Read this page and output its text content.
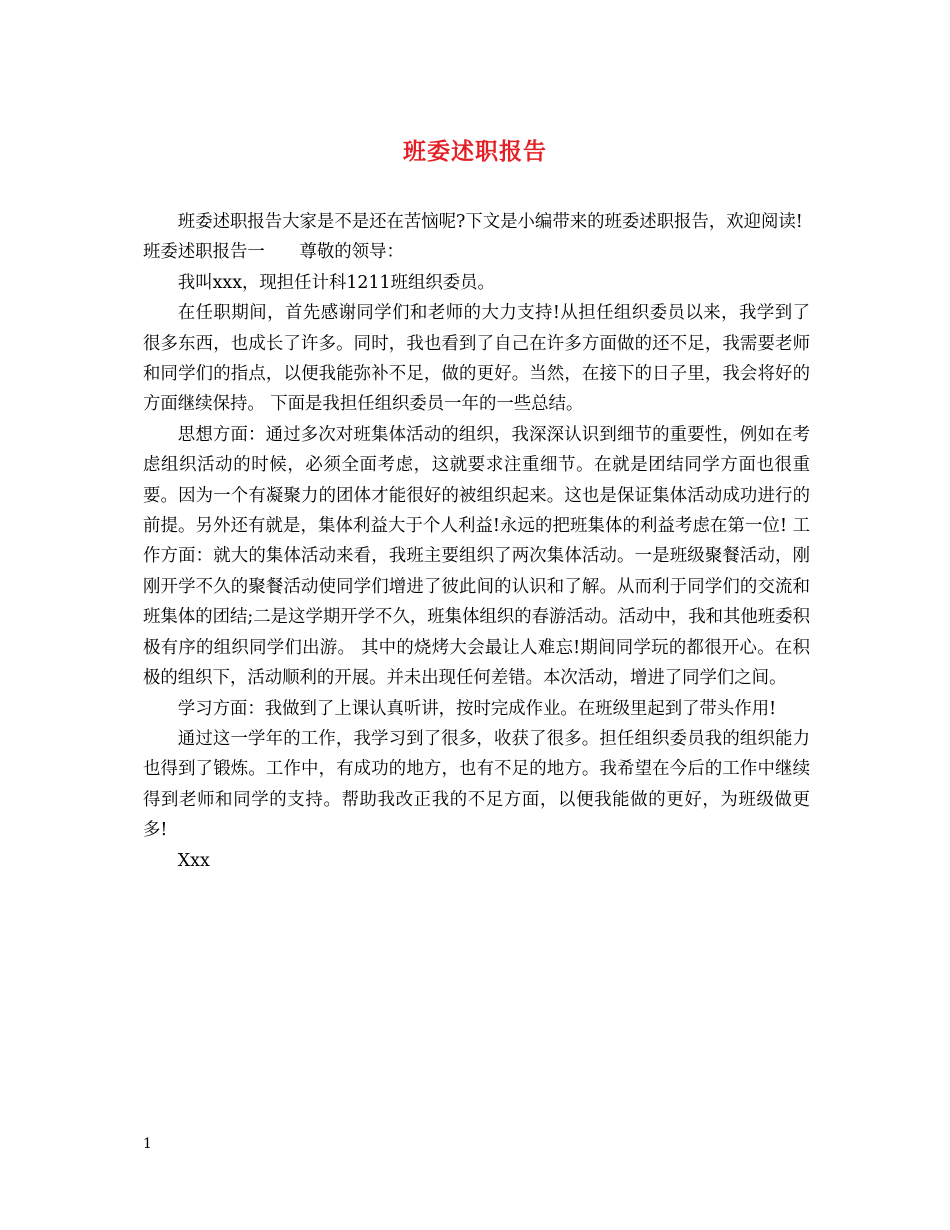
班委述职报告

班委述职报告大家是不是还在苦恼呢?下文是小编带来的班委述职报告，欢迎阅读!

班委述职报告一　　尊敬的领导：

我叫xxx，现担任计科1211班组织委员。

在任职期间，首先感谢同学们和老师的大力支持!从担任组织委员以来，我学到了很多东西，也成长了许多。同时，我也看到了自己在许多方面做的还不足，我需要老师和同学们的指点，以便我能弥补不足，做的更好。当然，在接下的日子里，我会将好的方面继续保持。 下面是我担任组织委员一年的一些总结。

思想方面：通过多次对班集体活动的组织，我深深认识到细节的重要性，例如在考虑组织活动的时候，必须全面考虑，这就要求注重细节。在就是团结同学方面也很重要。因为一个有凝聚力的团体才能很好的被组织起来。这也是保证集体活动成功进行的前提。另外还有就是，集体利益大于个人利益!永远的把班集体的利益考虑在第一位! 工作方面：就大的集体活动来看，我班主要组织了两次集体活动。一是班级聚餐活动，刚刚开学不久的聚餐活动使同学们增进了彼此间的认识和了解。从而利于同学们的交流和班集体的团结;二是这学期开学不久，班集体组织的春游活动。活动中，我和其他班委积极有序的组织同学们出游。 其中的烧烤大会最让人难忘!期间同学玩的都很开心。在积极的组织下，活动顺利的开展。并未出现任何差错。本次活动，增进了同学们之间。

学习方面：我做到了上课认真听讲，按时完成作业。在班级里起到了带头作用!

通过这一学年的工作，我学习到了很多，收获了很多。担任组织委员我的组织能力也得到了锻炼。工作中，有成功的地方，也有不足的地方。我希望在今后的工作中继续得到老师和同学的支持。帮助我改正我的不足方面，以便我能做的更好，为班级做更多!

Xxx

1
